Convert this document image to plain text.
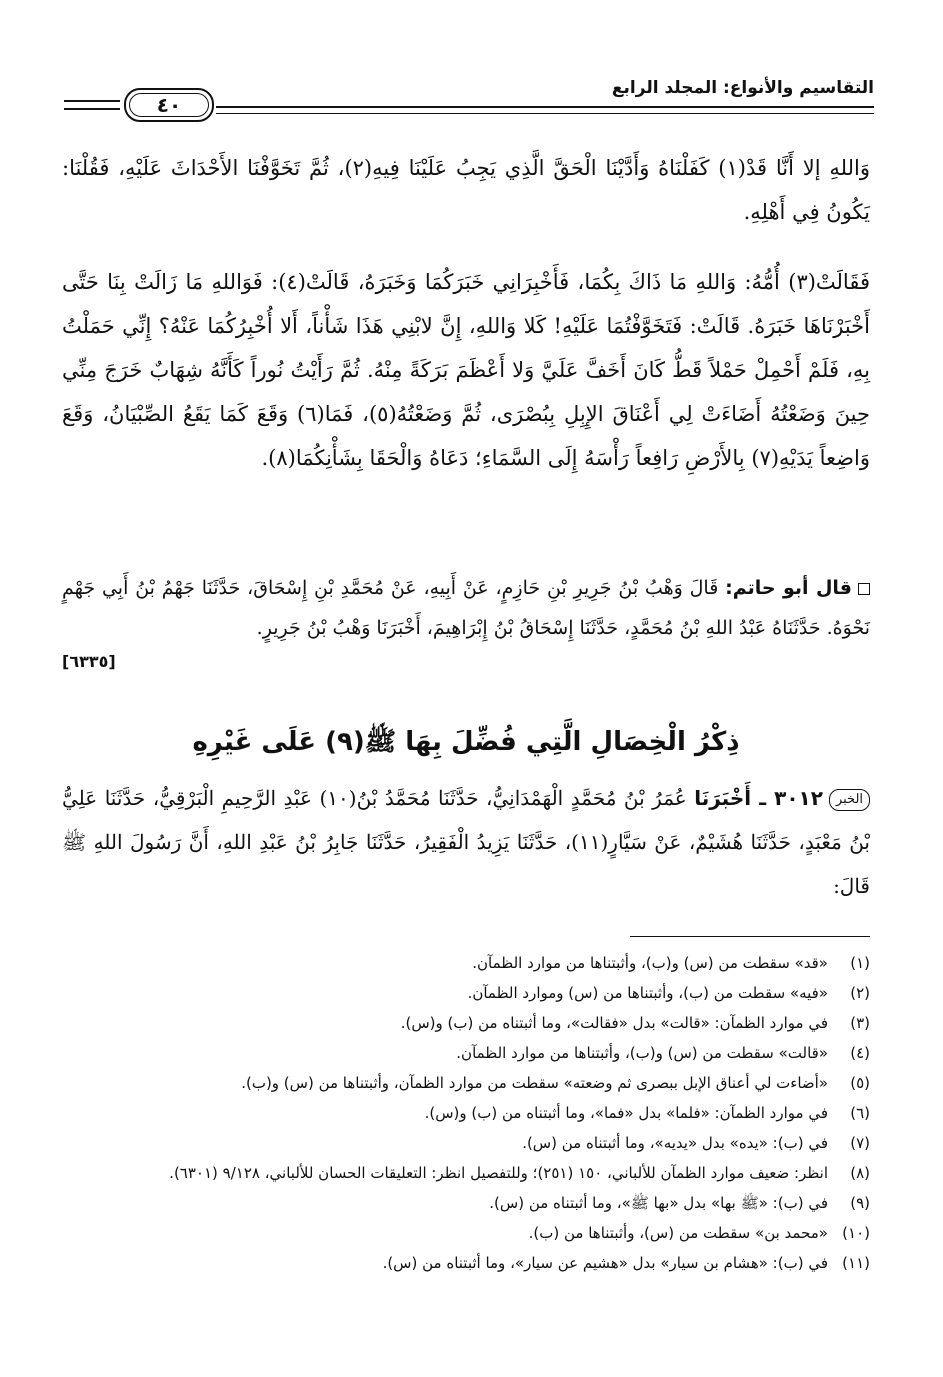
٤٠
التقاسيم والأنواع: المجلد الرابع

وَاللهِ إلا أَنَّا قَدْ(١) كَفَلْنَاهُ وَأَدَّيْنَا الْحَقَّ الَّذِي يَجِبُ عَلَيْنَا فِيهِ(٢)، ثُمَّ تَخَوَّفْنَا الأَحْدَاثَ عَلَيْهِ، فَقُلْنَا: يَكُونُ فِي أَهْلِهِ.

فَقَالَتْ(٣) أُمُّهُ: وَاللهِ مَا ذَاكَ بِكُمَا، فَأَخْبِرَانِي خَبَرَكُمَا وَخَبَرَهُ، قَالَتْ(٤): فَوَاللهِ مَا زَالَتْ بِنَا حَتَّى أَخْبَرْنَاهَا خَبَرَهُ. قَالَتْ: فَتَخَوَّفْتُمَا عَلَيْهِ! كَلا وَاللهِ، إِنَّ لابْنِي هَذَا شَأْناً، أَلا أُخْبِرُكُمَا عَنْهُ؟ إِنِّي حَمَلْتُ بِهِ، فَلَمْ أَحْمِلْ حَمْلاً قَطُّ كَانَ أَخَفَّ عَلَيَّ وَلا أَعْظَمَ بَرَكَةً مِنْهُ. ثُمَّ رَأَيْتُ نُوراً كَأَنَّهُ شِهَابٌ خَرَجَ مِنِّي حِينَ وَضَعْتُهُ أَضَاءَتْ لِي أَعْنَاقَ الإِبِلِ بِبُصْرَى، ثُمَّ وَضَعْتُهُ(٥)، فَمَا(٦) وَقَعَ كَمَا يَقَعُ الصِّبْيَانُ، وَقَعَ وَاضِعاً يَدَيْهِ(٧) بِالأَرْضِ رَافِعاً رَأْسَهُ إِلَى السَّمَاءِ؛ دَعَاهُ وَالْحَقَا بِشَأْنِكُمَا(٨).

قال أبو حاتم: قَالَ وَهْبُ بْنُ جَرِيرِ بْنِ حَازِمٍ، عَنْ أَبِيهِ، عَنْ مُحَمَّدِ بْنِ إِسْحَاقَ، حَدَّثَنَا جَهْمُ بْنُ أَبِي جَهْمٍ نَحْوَهُ. حَدَّثَنَاهُ عَبْدُ اللهِ بْنُ مُحَمَّدٍ، حَدَّثَنَا إِسْحَاقُ بْنُ إِبْرَاهِيمَ، أَخْبَرَنَا وَهْبُ بْنُ جَرِيرٍ.

[٦٣٣٥]
ذِكْرُ الْخِصَالِ الَّتِي فُضِّلَ بِهَا ﷺ(٩) عَلَى غَيْرِهِ

الخبر٣٠١٢ ـ أَخْبَرَنَا عُمَرُ بْنُ مُحَمَّدٍ الْهَمْدَانِيُّ، حَدَّثَنَا مُحَمَّدُ بْنُ(١٠) عَبْدِ الرَّحِيمِ الْبَرْقِيُّ، حَدَّثَنَا عَلِيُّ بْنُ مَعْبَدٍ، حَدَّثَنَا هُشَيْمٌ، عَنْ سَيَّارٍ(١١)، حَدَّثَنَا يَزِيدُ الْفَقِيرُ، حَدَّثَنَا جَابِرُ بْنُ عَبْدِ اللهِ، أَنَّ رَسُولَ اللهِ ﷺ قَالَ:

(١)
«قد» سقطت من (س) و(ب)، وأثبتناها من موارد الظمآن.
(٢)
«فيه» سقطت من (ب)، وأثبتناها من (س) وموارد الظمآن.
(٣)
في موارد الظمآن: «قالت» بدل «فقالت»، وما أثبتناه من (ب) و(س).
(٤)
«قالت» سقطت من (س) و(ب)، وأثبتناها من موارد الظمآن.
(٥)
«أضاءت لي أعناق الإبل ببصرى ثم وضعته» سقطت من موارد الظمآن، وأثبتناها من (س) و(ب).
(٦)
في موارد الظمآن: «فلما» بدل «فما»، وما أثبتناه من (ب) و(س).
(٧)
في (ب): «يده» بدل «يديه»، وما أثبتناه من (س).
(٨)
انظر: ضعيف موارد الظمآن للألباني، ١٥٠ (٢٥١)؛ وللتفصيل انظر: التعليقات الحسان للألباني، ٩/١٢٨ (٦٣٠١).
(٩)
في (ب): «ﷺ بها» بدل «بها ﷺ»، وما أثبتناه من (س).
(١٠)
«محمد بن» سقطت من (س)، وأثبتناها من (ب).
(١١)
في (ب): «هشام بن سيار» بدل «هشيم عن سيار»، وما أثبتناه من (س).
